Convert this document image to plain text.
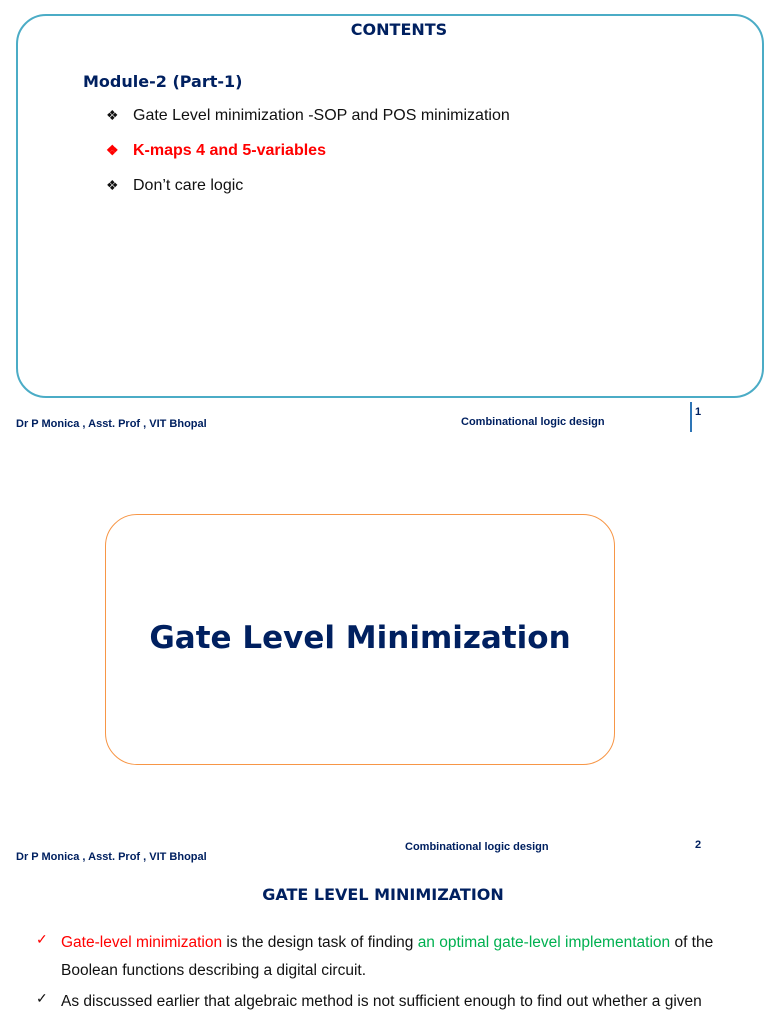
CONTENTS
Module-2 (Part-1)
❖ Gate Level minimization -SOP and POS minimization
❖ K-maps 4 and 5-variables
❖ Don’t care logic
Dr P Monica , Asst. Prof , VIT Bhopal	Combinational logic design
1
Gate Level Minimization
Combinational logic design	2
Dr P Monica , Asst. Prof , VIT Bhopal
GATE LEVEL MINIMIZATION
✓ Gate-level minimization is the design task of finding an optimal gate-level implementation of the Boolean functions describing a digital circuit.
✓ As discussed earlier that algebraic method is not sufficient enough to find out whether a given
